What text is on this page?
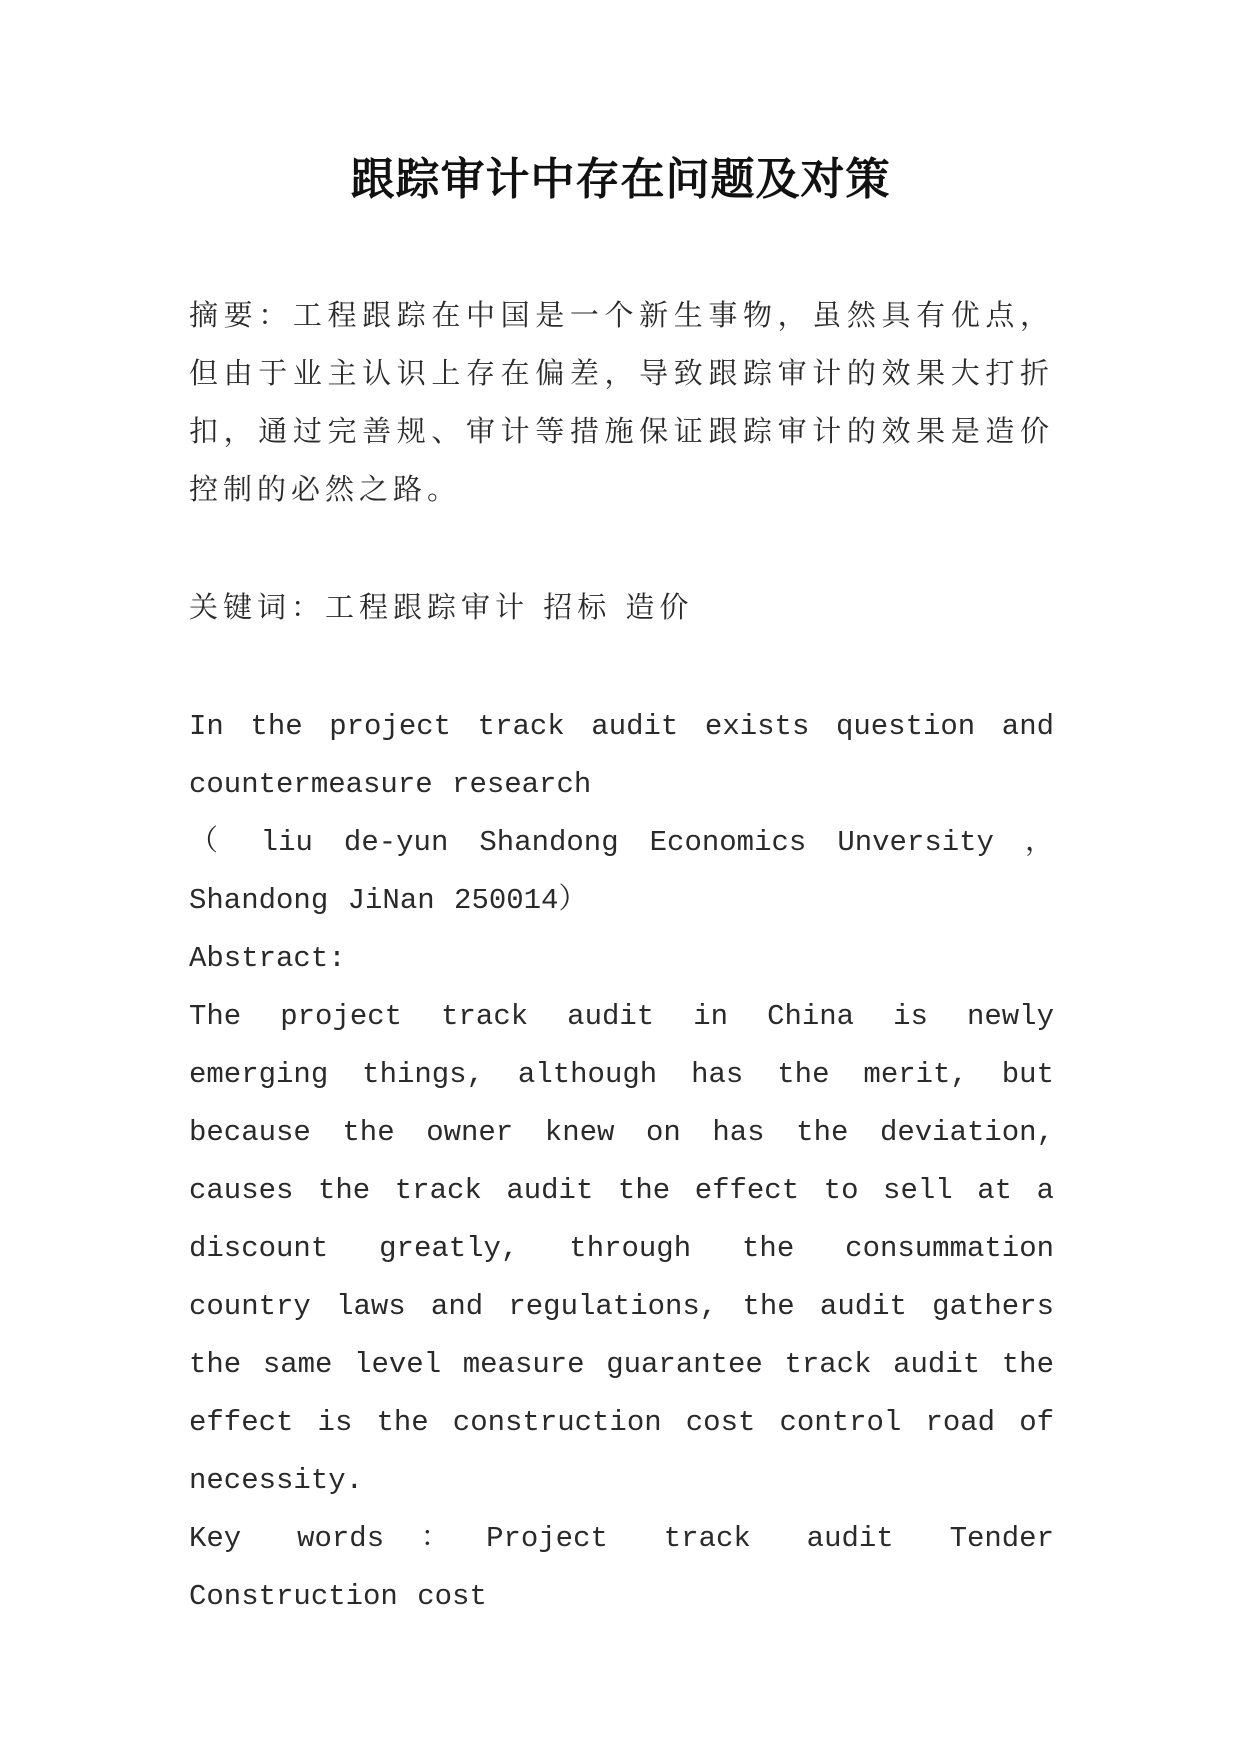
跟踪审计中存在问题及对策
摘要：工程跟踪在中国是一个新生事物，虽然具有优点，但由于业主认识上存在偏差，导致跟踪审计的效果大打折扣，通过完善规、审计等措施保证跟踪审计的效果是造价控制的必然之路。
关键词：工程跟踪审计 招标 造价

In the project track audit exists question and countermeasure research

（ liu de-yun Shandong Economics Unversity ，

Shandong JiNan 250014）

Abstract:

The project track audit in China is newly emerging things, although has the merit, but because the owner knew on has the deviation, causes the track audit the effect to sell at a discount greatly, through the consummation country laws and regulations, the audit gathers the same level measure guarantee track audit the effect is the construction cost control road of necessity.

Key words：Project track audit Tender Construction cost
